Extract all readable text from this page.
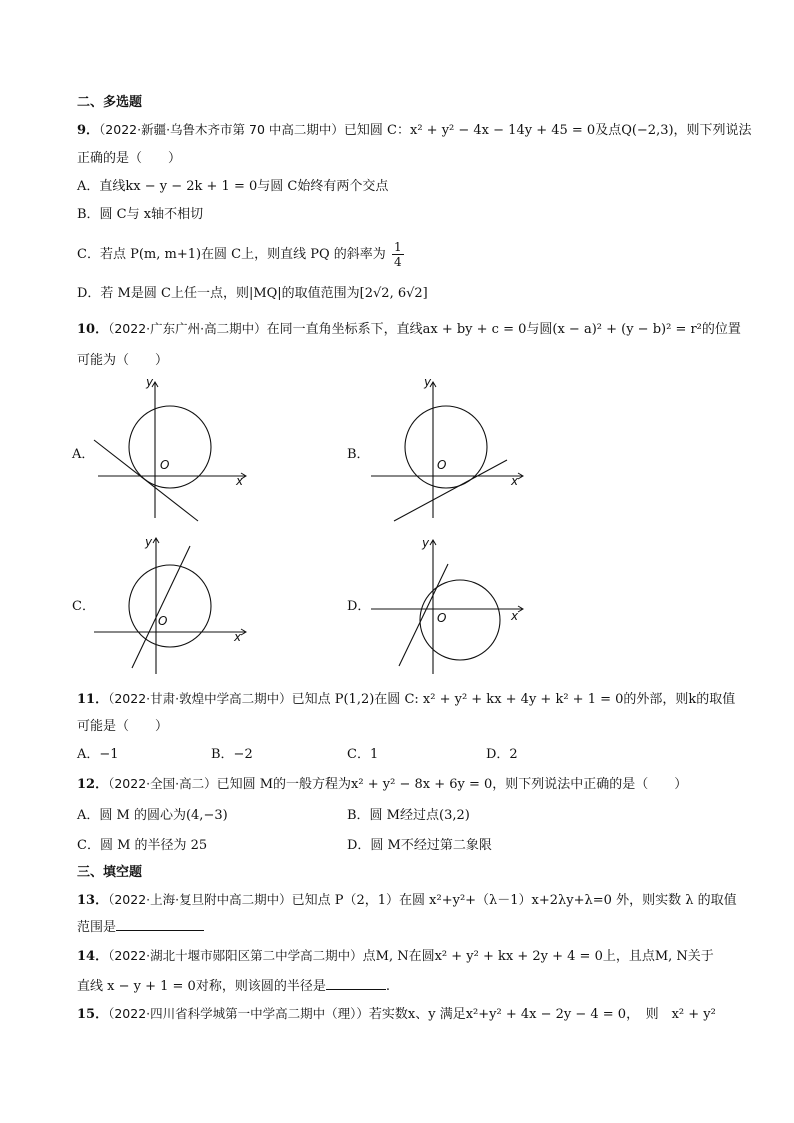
二、多选题
9．（2022·新疆·乌鲁木齐市第 70 中高二期中）已知圆 C：x² + y² − 4x − 14y + 45 = 0及点Q(−2,3)，则下列说法
正确的是（　　）
A．直线kx − y − 2k + 1 = 0与圆 C始终有两个交点
B．圆 C与 x轴不相切
C．若点 P(m, m+1)在圆 C上，则直线 PQ 的斜率为 $\frac{1}{4}$
D．若 M是圆 C上任一点，则|MQ|的取值范围为[2√2, 6√2]
10．（2022·广东广州·高二期中）在同一直角坐标系下，直线ax + by + c = 0与圆(x − a)² + (y − b)² = r²的位置
可能为（　　）
A．
y
x
O
B．
y
x
O
C．
y
x
O
D．
y
x
O
11．（2022·甘肃·敦煌中学高二期中）已知点 P(1,2)在圆 C: x² + y² + kx + 4y + k² + 1 = 0的外部，则k的取值
可能是（　　）
A．−1	B．−2	C．1	D．2
12．（2022·全国·高二）已知圆 M的一般方程为x² + y² − 8x + 6y = 0，则下列说法中正确的是（　　）
A．圆 M 的圆心为(4,−3)	B．圆 M经过点(3,2)
C．圆 M 的半径为 25	D．圆 M不经过第二象限
三、填空题
13．（2022·上海·复旦附中高二期中）已知点 P（2，1）在圆 x²+y²+（λ－1）x+2λy+λ=0 外，则实数 λ 的取值
范围是
14．（2022·湖北十堰市郧阳区第二中学高二期中）点M, N在圆x² + y² + kx + 2y + 4 = 0上，且点M, N关于
直线 x − y + 1 = 0对称，则该圆的半径是	.
15．（2022·四川省科学城第一中学高二期中（理））若实数x、y 满足x²+y² + 4x − 2y − 4 = 0，　则　x² + y²
